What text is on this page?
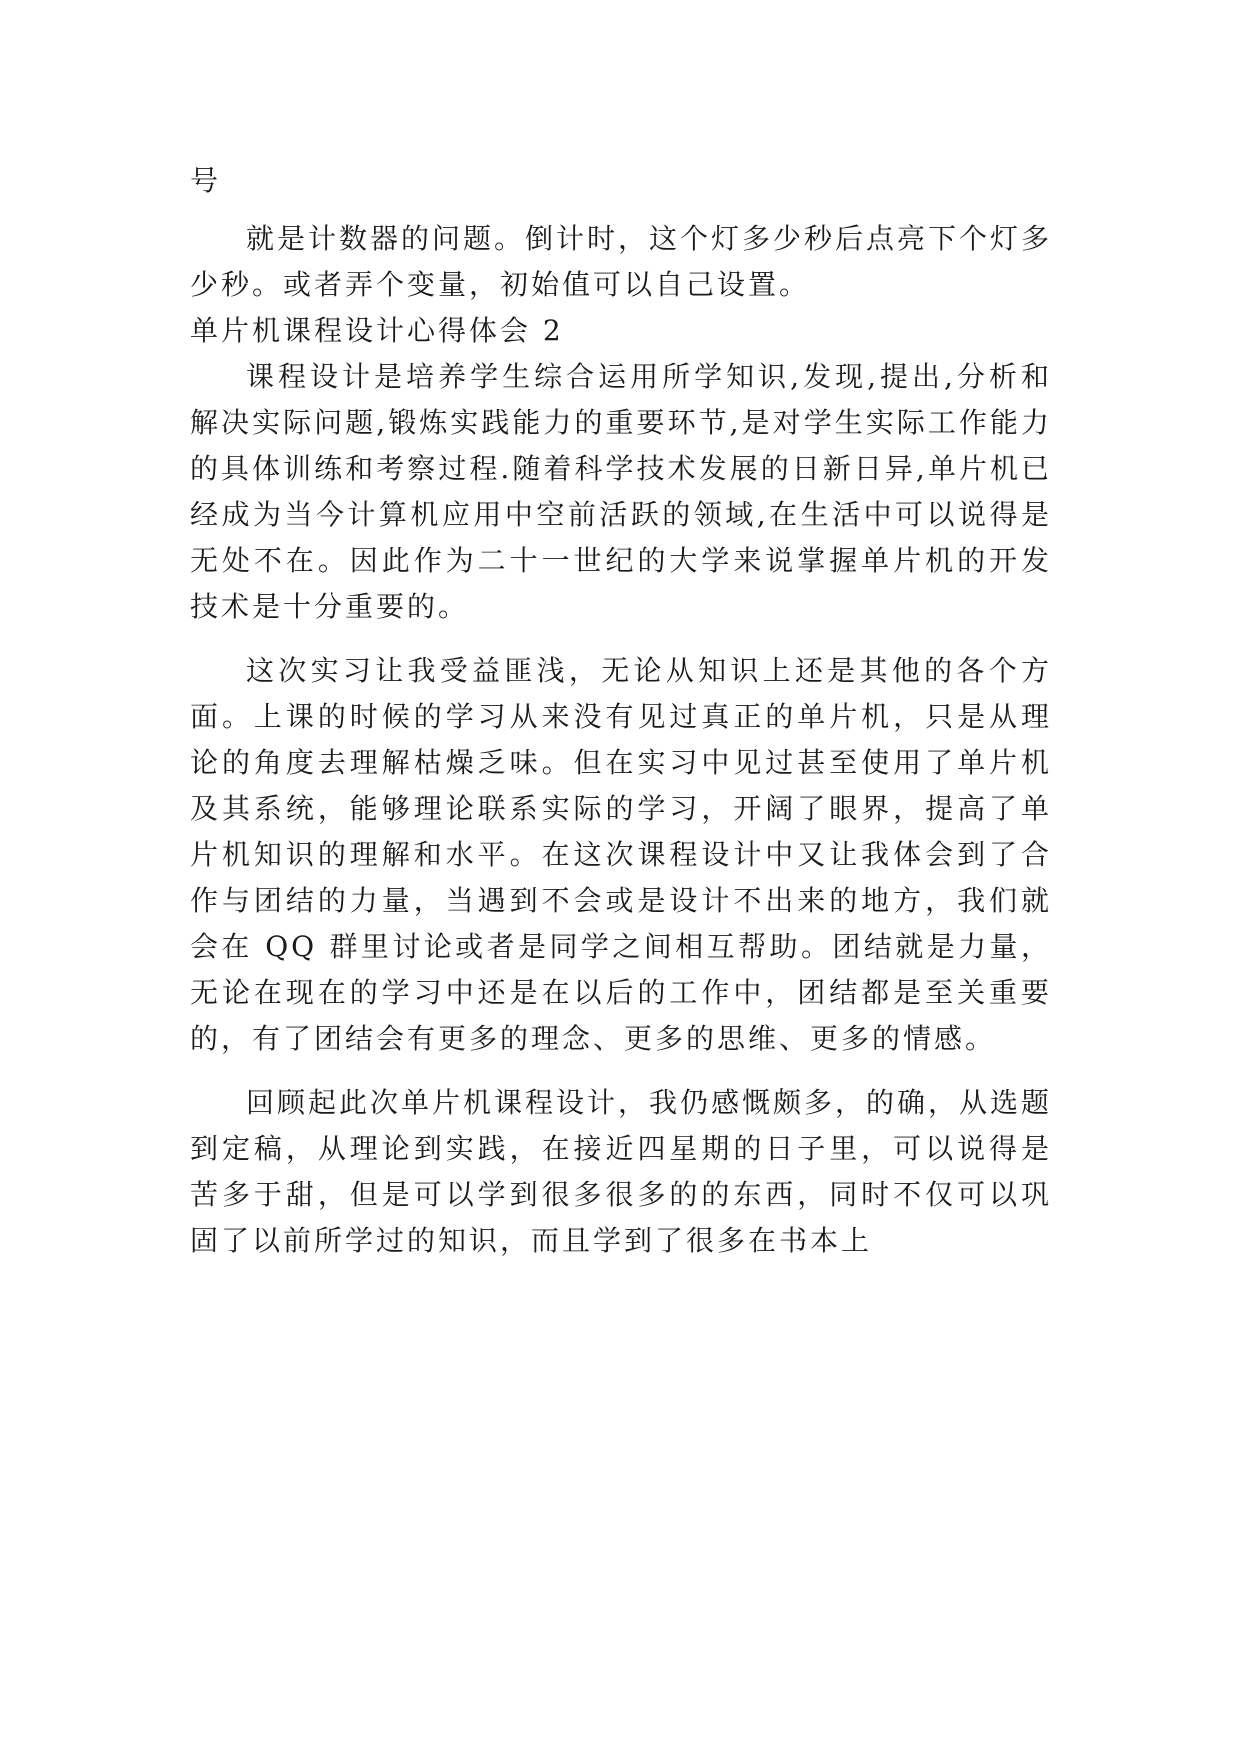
号

就是计数器的问题。倒计时，这个灯多少秒后点亮下个灯多少秒。或者弄个变量，初始值可以自己设置。

单片机课程设计心得体会 2

课程设计是培养学生综合运用所学知识,发现,提出,分析和解决实际问题,锻炼实践能力的重要环节,是对学生实际工作能力的具体训练和考察过程.随着科学技术发展的日新日异,单片机已经成为当今计算机应用中空前活跃的领域,在生活中可以说得是无处不在。因此作为二十一世纪的大学来说掌握单片机的开发技术是十分重要的。

这次实习让我受益匪浅，无论从知识上还是其他的各个方面。上课的时候的学习从来没有见过真正的单片机，只是从理论的角度去理解枯燥乏味。但在实习中见过甚至使用了单片机及其系统，能够理论联系实际的学习，开阔了眼界，提高了单片机知识的理解和水平。在这次课程设计中又让我体会到了合作与团结的力量，当遇到不会或是设计不出来的地方，我们就会在 QQ 群里讨论或者是同学之间相互帮助。团结就是力量，无论在现在的学习中还是在以后的工作中，团结都是至关重要的，有了团结会有更多的理念、更多的思维、更多的情感。

回顾起此次单片机课程设计，我仍感慨颇多，的确，从选题到定稿，从理论到实践，在接近四星期的日子里，可以说得是苦多于甜，但是可以学到很多很多的的东西，同时不仅可以巩固了以前所学过的知识，而且学到了很多在书本上
